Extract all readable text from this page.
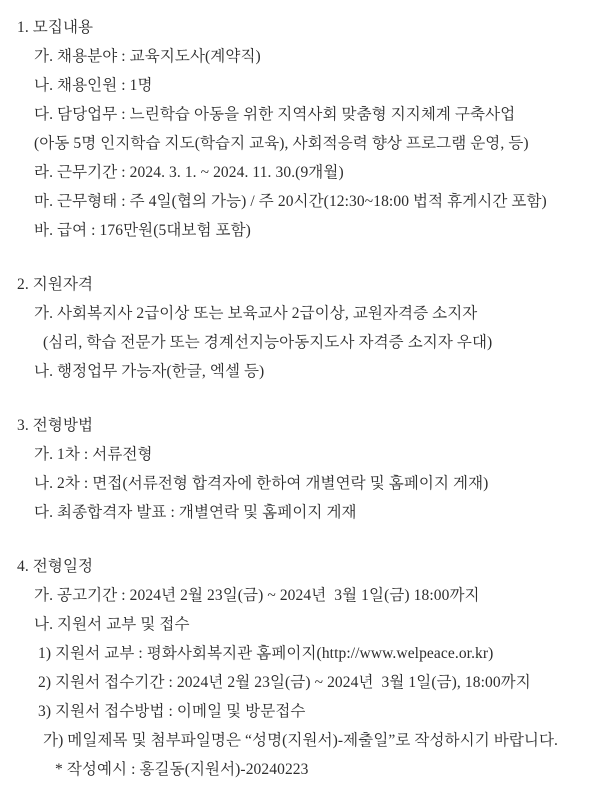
1. 모집내용
가. 채용분야 : 교육지도사(계약직)
나. 채용인원 : 1명
다. 담당업무 : 느린학습 아동을 위한 지역사회 맞춤형 지지체계 구축사업
(아동 5명 인지학습 지도(학습지 교육), 사회적응력 향상 프로그램 운영, 등)
라. 근무기간 : 2024. 3. 1. ~ 2024. 11. 30.(9개월)
마. 근무형태 : 주 4일(협의 가능) / 주 20시간(12:30~18:00 법적 휴게시간 포함)
바. 급여 : 176만원(5대보험 포함)
2. 지원자격
가. 사회복지사 2급이상 또는 보육교사 2급이상, 교원자격증 소지자
(심리, 학습 전문가 또는 경계선지능아동지도사 자격증 소지자 우대)
나. 행정업무 가능자(한글, 엑셀 등)
3. 전형방법
가. 1차 : 서류전형
나. 2차 : 면접(서류전형 합격자에 한하여 개별연락 및 홈페이지 게재)
다. 최종합격자 발표 : 개별연락 및 홈페이지 게재
4. 전형일정
가. 공고기간 : 2024년 2월 23일(금) ~ 2024년  3월 1일(금) 18:00까지
나. 지원서 교부 및 접수
1) 지원서 교부 : 평화사회복지관 홈페이지(http://www.welpeace.or.kr)
2) 지원서 접수기간 : 2024년 2월 23일(금) ~ 2024년  3월 1일(금), 18:00까지
3) 지원서 접수방법 : 이메일 및 방문접수
가) 메일제목 및 첨부파일명은 “성명(지원서)-제출일”로 작성하시기 바랍니다.
* 작성예시 : 홍길동(지원서)-20240223
